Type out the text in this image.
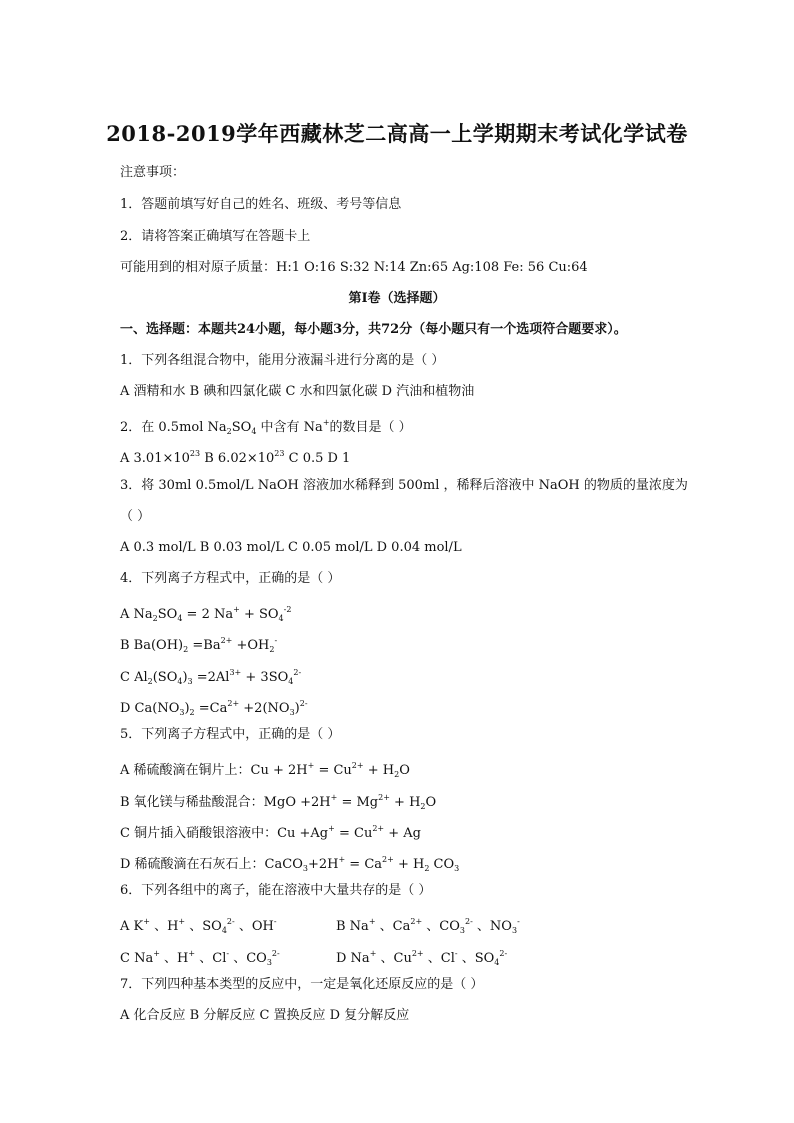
2018-2019学年西藏林芝二高高一上学期期末考试化学试卷
注意事项：
1．答题前填写好自己的姓名、班级、考号等信息
2．请将答案正确填写在答题卡上
可能用到的相对原子质量：H:1 O:16 S:32 N:14 Zn:65 Ag:108 Fe: 56 Cu:64
第Ⅰ卷（选择题）
一、选择题：本题共24小题，每小题3分，共72分（每小题只有一个选项符合题要求）。
1．下列各组混合物中，能用分液漏斗进行分离的是（ ）
A 酒精和水 B 碘和四氯化碳 C 水和四氯化碳 D 汽油和植物油
2．在 0.5mol $Na_2SO_4$ 中含有 Na+的数目是（ ）
A $3.01\times 10^{23}$ B $6.02\times 10^{23}$ C 0.5 D 1
3．将 30ml 0.5mol/L NaOH 溶液加水稀释到 500ml ，稀释后溶液中 NaOH 的物质的量浓度为
（ ）
A 0.3 mol/L B 0.03 mol/L C 0.05 mol/L D 0.04 mol/L
4．下列离子方程式中，正确的是（ ）
A $Na_2SO_4 = 2$ $Na^+ + SO_4^{-2}$
B $Ba(OH)_2 =Ba^{2+} +OH_2^-$
C $Al_2(SO_4)_3 =2Al^{3+} + 3SO_4^{2-}$
D $Ca(NO_3)_2 =Ca^{2+} +2(NO_3)^{2-}$
5．下列离子方程式中，正确的是（ ）
A 稀硫酸滴在铜片上：$Cu + 2H^+ = Cu^{2+} + H_2O$
B 氧化镁与稀盐酸混合：MgO $+2H^+ = Mg^{2+} + H_2O$
C 铜片插入硝酸银溶液中：$Cu +Ag^+ = Cu^{2+} + Ag$
D 稀硫酸滴在石灰石上：CaCO$_3$+2H+ = $Ca^{2+} + H_2$ $CO_3$
6．下列各组中的离子，能在溶液中大量共存的是（ ）
A K+ 、H+ 、$SO_4^{2-}$ 、OH-	B Na+ 、$Ca^{2+}$ 、$CO_3^{2-}$ 、$NO_3^-$
C Na+ 、H+ 、Cl- 、$CO_3^{2-}$	D Na+ 、$Cu^{2+}$ 、Cl- 、$SO_4^{2-}$
7．下列四种基本类型的反应中，一定是氧化还原反应的是（ ）
A 化合反应 B 分解反应 C 置换反应 D 复分解反应
